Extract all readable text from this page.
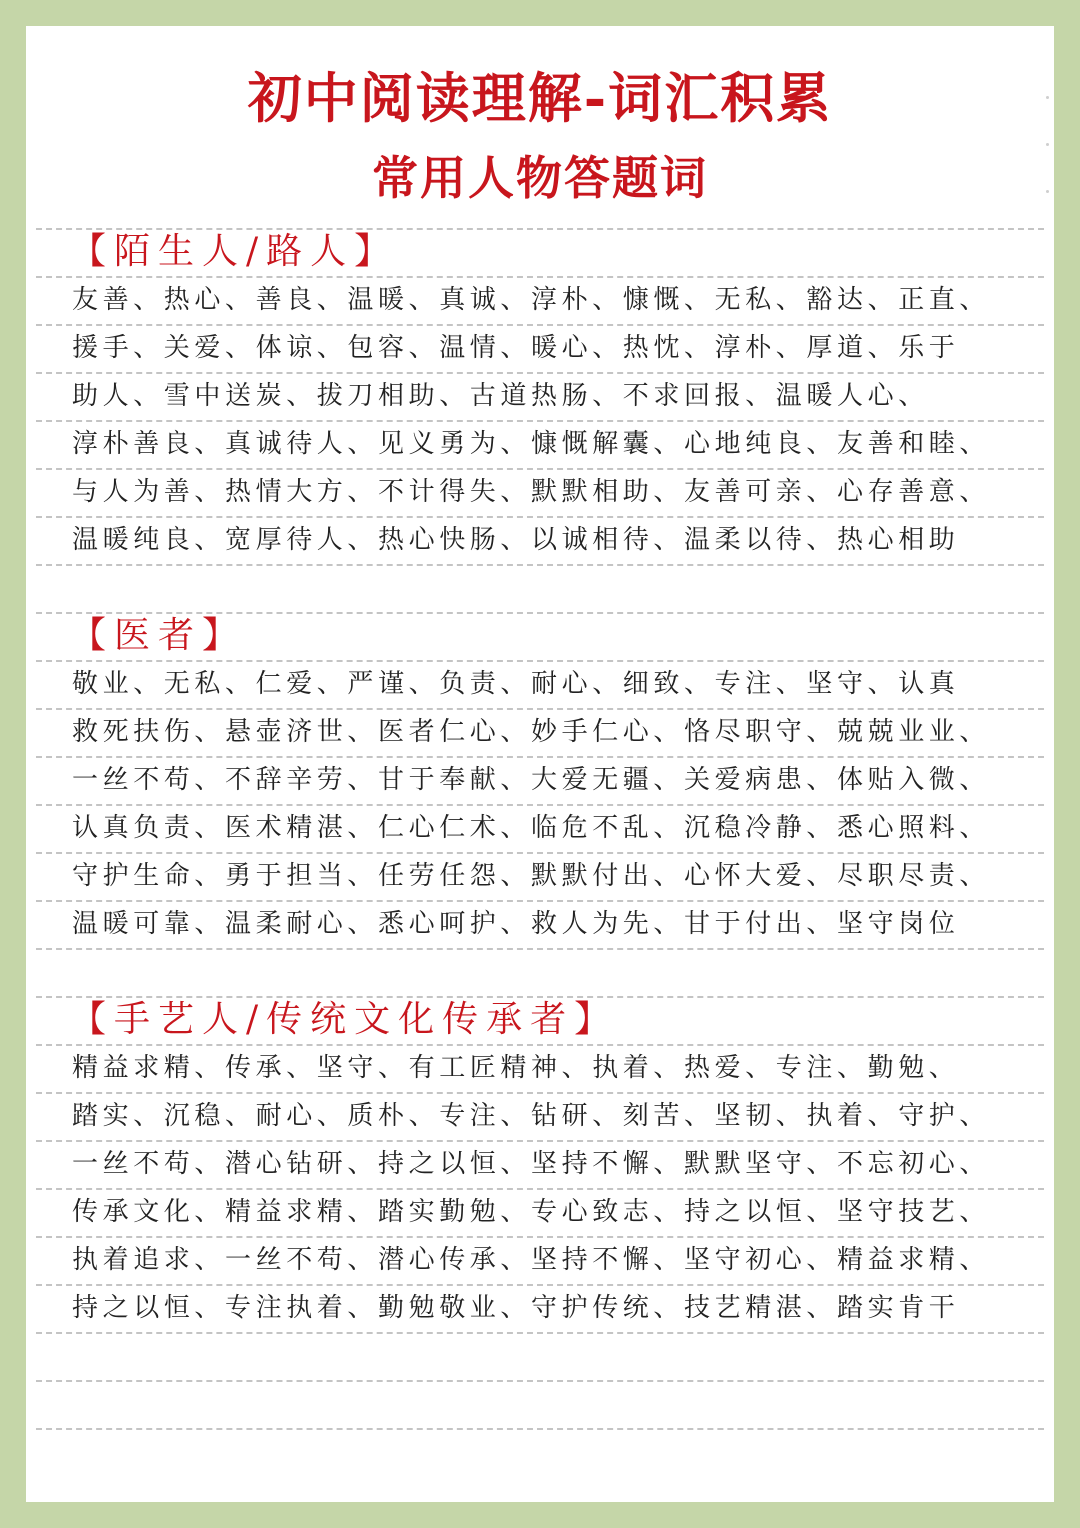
初中阅读理解-词汇积累
常用人物答题词
【陌生人/路人】
友善、热心、善良、温暖、真诚、淳朴、慷慨、无私、豁达、正直、
援手、关爱、体谅、包容、温情、暖心、热忱、淳朴、厚道、乐于
助人、雪中送炭、拔刀相助、古道热肠、不求回报、温暖人心、
淳朴善良、真诚待人、见义勇为、慷慨解囊、心地纯良、友善和睦、
与人为善、热情大方、不计得失、默默相助、友善可亲、心存善意、
温暖纯良、宽厚待人、热心快肠、以诚相待、温柔以待、热心相助
【医者】
敬业、无私、仁爱、严谨、负责、耐心、细致、专注、坚守、认真
救死扶伤、悬壶济世、医者仁心、妙手仁心、恪尽职守、兢兢业业、
一丝不苟、不辞辛劳、甘于奉献、大爱无疆、关爱病患、体贴入微、
认真负责、医术精湛、仁心仁术、临危不乱、沉稳冷静、悉心照料、
守护生命、勇于担当、任劳任怨、默默付出、心怀大爱、尽职尽责、
温暖可靠、温柔耐心、悉心呵护、救人为先、甘于付出、坚守岗位
【手艺人/传统文化传承者】
精益求精、传承、坚守、有工匠精神、执着、热爱、专注、勤勉、
踏实、沉稳、耐心、质朴、专注、钻研、刻苦、坚韧、执着、守护、
一丝不苟、潜心钻研、持之以恒、坚持不懈、默默坚守、不忘初心、
传承文化、精益求精、踏实勤勉、专心致志、持之以恒、坚守技艺、
执着追求、一丝不苟、潜心传承、坚持不懈、坚守初心、精益求精、
持之以恒、专注执着、勤勉敬业、守护传统、技艺精湛、踏实肯干
